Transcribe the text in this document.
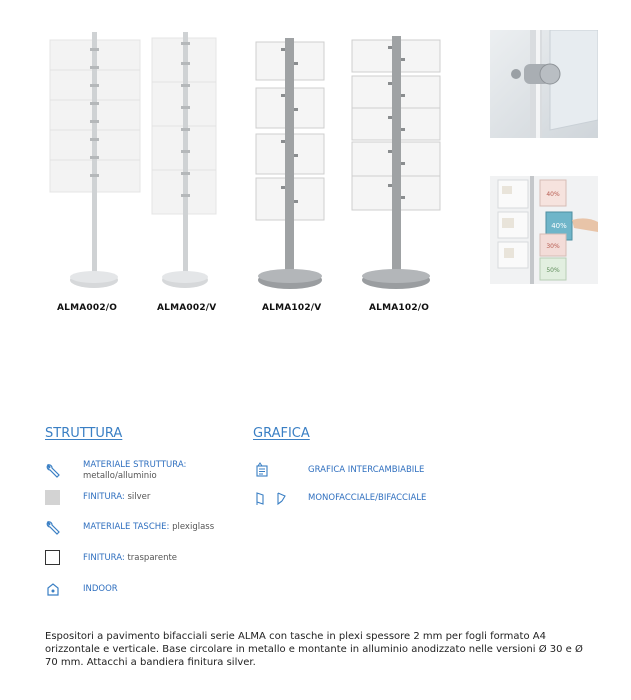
40%
40%
30%
50%
ALMA002/O	ALMA002/V	ALMA102/V	ALMA102/O
STRUTTURA
MATERIALE STRUTTURA:
metallo/alluminio
FINITURA: silver
MATERIALE TASCHE: plexiglass
FINITURA: trasparente
INDOOR
GRAFICA
GRAFICA INTERCAMBIABILE
MONOFACCIALE/BIFACCIALE
Espositori a pavimento bifacciali serie ALMA con tasche in plexi spessore 2 mm per fogli formato A4 orizzontale e verticale. Base circolare in metallo e montante in alluminio anodizzato nelle versioni Ø 30 e Ø 70 mm. Attacchi a bandiera finitura silver.
